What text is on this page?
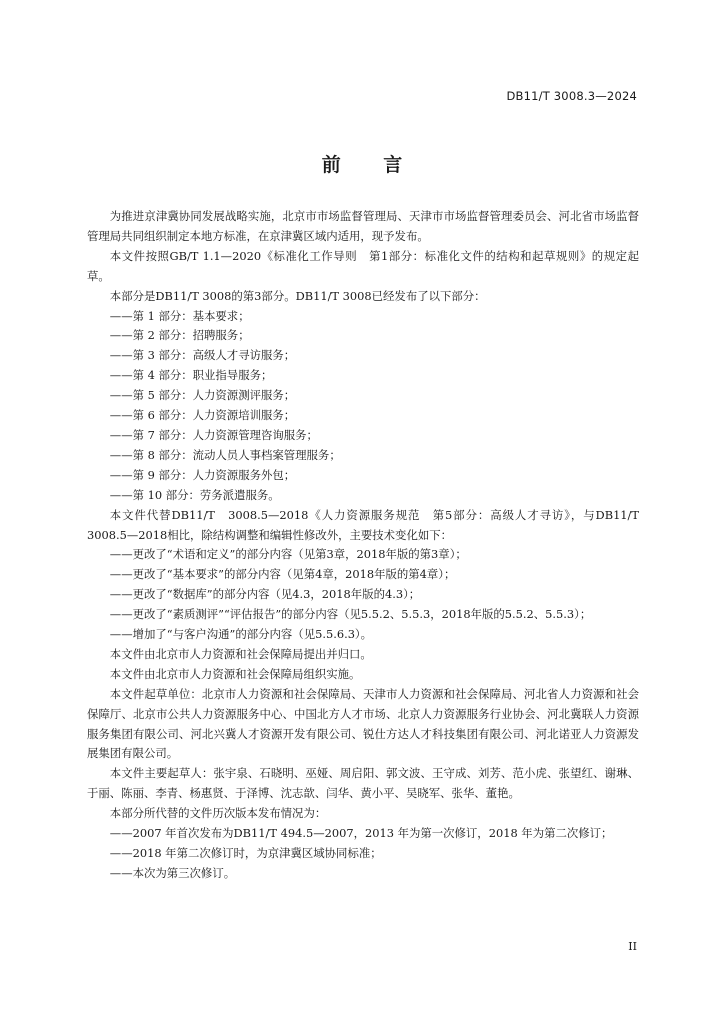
DB11/T 3008.3—2024
前 言

为推进京津冀协同发展战略实施，北京市市场监督管理局、天津市市场监督管理委员会、河北省市场监督管理局共同组织制定本地方标准，在京津冀区域内适用，现予发布。

本文件按照GB/T 1.1—2020《标准化工作导则　第1部分：标准化文件的结构和起草规则》的规定起草。

本部分是DB11/T 3008的第3部分。DB11/T 3008已经发布了以下部分：

——第 1 部分：基本要求；

——第 2 部分：招聘服务；

——第 3 部分：高级人才寻访服务；

——第 4 部分：职业指导服务；

——第 5 部分：人力资源测评服务；

——第 6 部分：人力资源培训服务；

——第 7 部分：人力资源管理咨询服务；

——第 8 部分：流动人员人事档案管理服务；

——第 9 部分：人力资源服务外包；

——第 10 部分：劳务派遣服务。

本文件代替DB11/T　3008.5—2018《人力资源服务规范　第5部分：高级人才寻访》，与DB11/T 3008.5—2018相比，除结构调整和编辑性修改外，主要技术变化如下：

——更改了“术语和定义”的部分内容（见第3章，2018年版的第3章）；

——更改了“基本要求”的部分内容（见第4章，2018年版的第4章）；

——更改了“数据库”的部分内容（见4.3，2018年版的4.3）；

——更改了“素质测评”“评估报告”的部分内容（见5.5.2、5.5.3，2018年版的5.5.2、5.5.3）；

——增加了“与客户沟通”的部分内容（见5.5.6.3）。

本文件由北京市人力资源和社会保障局提出并归口。

本文件由北京市人力资源和社会保障局组织实施。

本文件起草单位：北京市人力资源和社会保障局、天津市人力资源和社会保障局、河北省人力资源和社会保障厅、北京市公共人力资源服务中心、中国北方人才市场、北京人力资源服务行业协会、河北冀联人力资源服务集团有限公司、河北兴冀人才资源开发有限公司、锐仕方达人才科技集团有限公司、河北诺亚人力资源发展集团有限公司。

本文件主要起草人：张宇泉、石晓明、巫娅、周启阳、郭文波、王守成、刘芳、范小虎、张望红、谢琳、于丽、陈丽、李青、杨惠贤、于泽博、沈志歆、闫华、黄小平、吴晓军、张华、董艳。

本部分所代替的文件历次版本发布情况为：

——2007 年首次发布为DB11/T 494.5—2007，2013 年为第一次修订，2018 年为第二次修订；

——2018 年第二次修订时，为京津冀区域协同标准；

——本次为第三次修订。

II
